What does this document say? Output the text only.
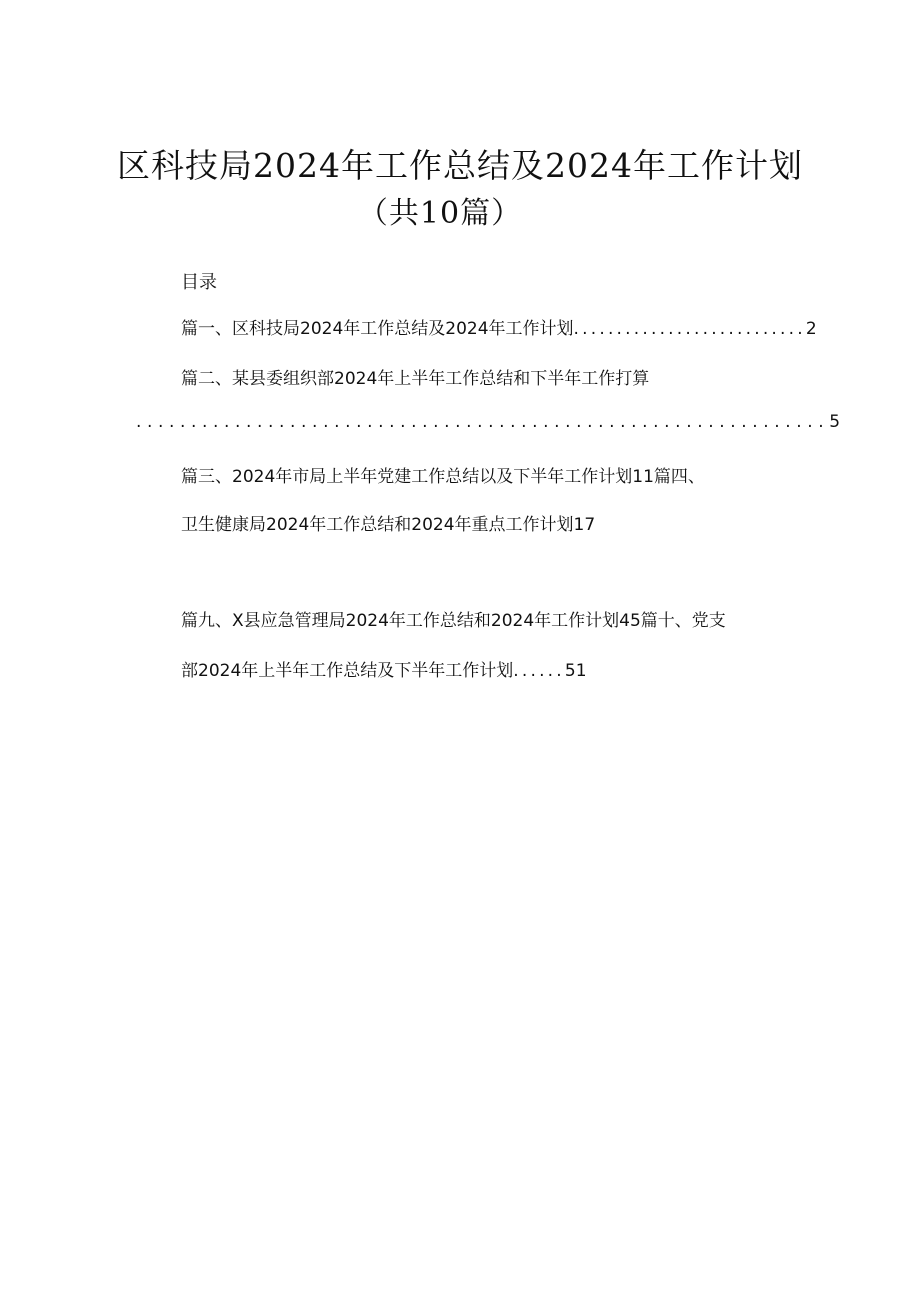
区科技局2024年工作总结及2024年工作计划
（共10篇）
目录
篇一、区科技局2024年工作总结及2024年工作计划...........................2
篇二、某县委组织部2024年上半年工作总结和下半年工作打算
...............................................................5
篇三、2024年市局上半年党建工作总结以及下半年工作计划11篇四、
卫生健康局2024年工作总结和2024年重点工作计划17
篇九、X县应急管理局2024年工作总结和2024年工作计划45篇十、党支
部2024年上半年工作总结及下半年工作计划......51
